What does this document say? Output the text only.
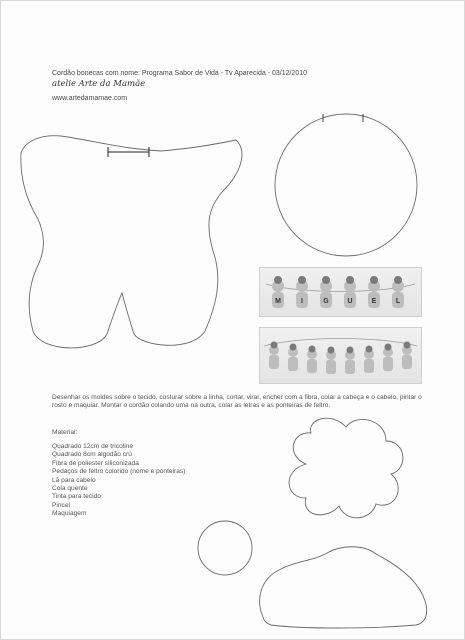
Cordão bonecas com nome: Programa Sabor de Vida - Tv Aparecida - 03/12/2010
atelie Arte da Mamãe
www.artedamamae.com
M	I	G	U	E	L
Desenhar os moldes sobre o tecido, costurar sobre a linha, cortar, virar, encher com a fibra, colar a cabeça e o cabelo, pintar o rosto e maquiar. Montar o cordão colando uma na outra, colar as letras e as ponteiras de feltro.
Material:
Quadrado 12cm de tricoline
Quadrado 8cm algodão crú
Fibra de poliester siliconizada
Pedaços de feltro colorido (nome e ponteiras)
Lã para cabelo
Cola quente
Tinta para tecido
Pincel
Maquiagem
